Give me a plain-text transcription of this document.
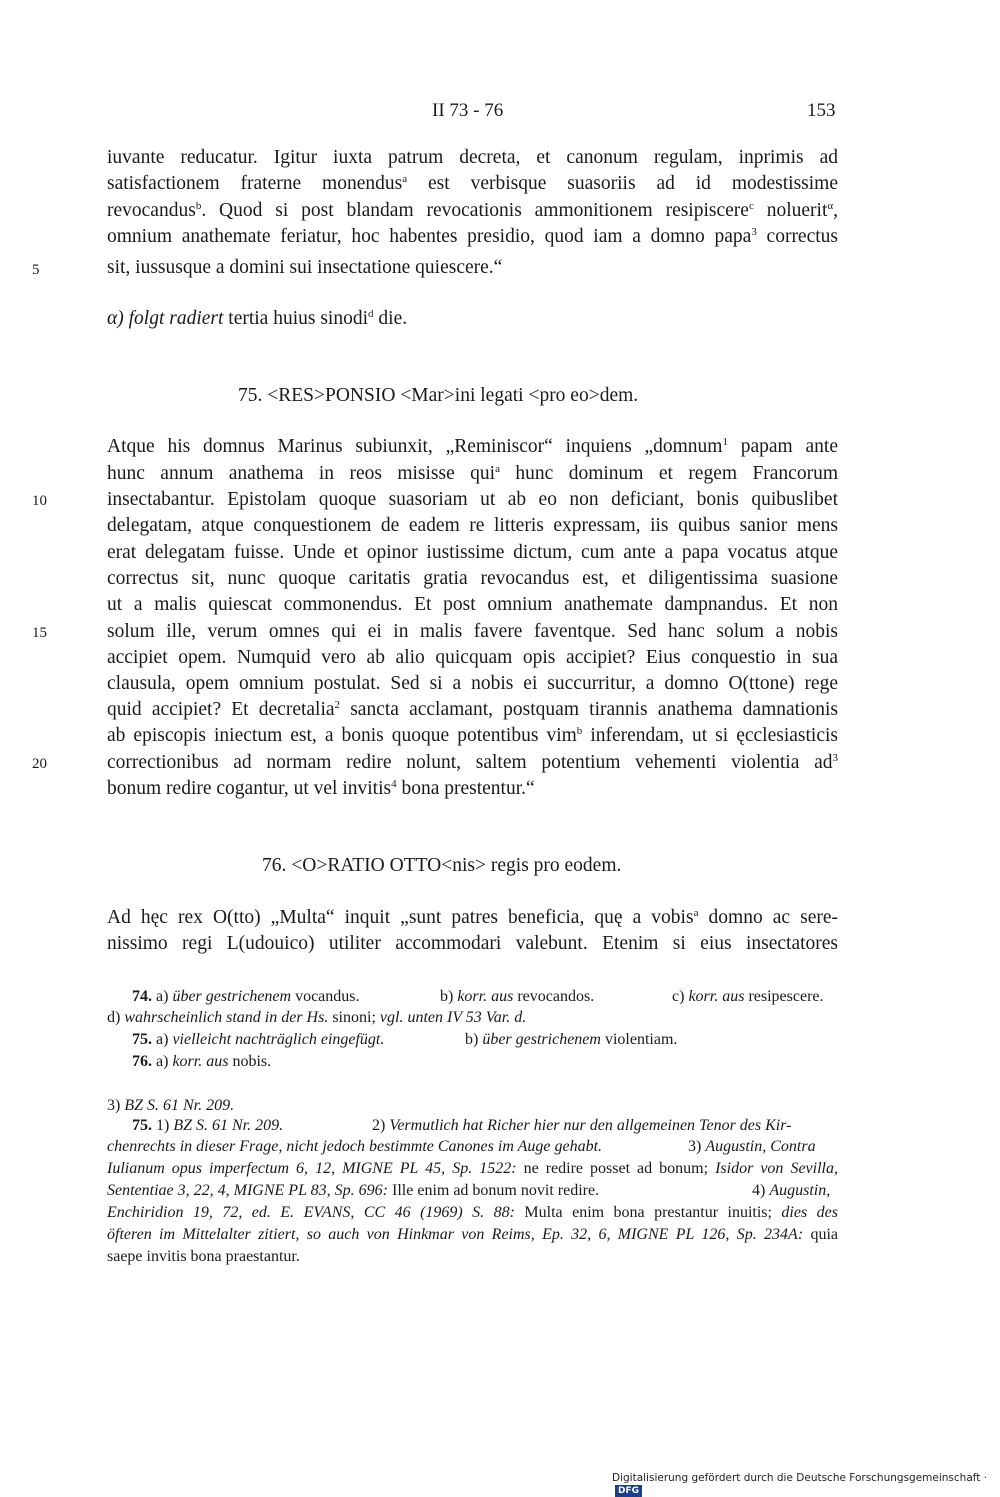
II 73 - 76	153
iuvante reducatur. Igitur iuxta patrum decreta, et canonum regulam, inprimis ad
satisfactionem fraterne monendus$^a$ est verbisque suasoriis ad id modestissime
revocandus$^b$. Quod si post blandam revocationis ammonitionem resipiscere$^c$ noluerit$^\alpha$,
omnium anathemate feriatur, hoc habentes presidio, quod iam a domno papa$^3$ correctus
5	sit, iussusque a domini sui insectatione quiescere.“
α) folgt radiert tertia huius sinodi$^d$ die.
75. <RES>PONSIO <Mar>ini legati <pro eo>dem.
Atque his domnus Marinus subiunxit, „Reminiscor“ inquiens „domnum$^1$ papam ante
hunc annum anathema in reos misisse qui$^a$ hunc dominum et regem Francorum
10	insectabantur. Epistolam quoque suasoriam ut ab eo non deficiant, bonis quibuslibet
delegatam, atque conquestionem de eadem re litteris expressam, iis quibus sanior mens
erat delegatam fuisse. Unde et opinor iustissime dictum, cum ante a papa vocatus atque
correctus sit, nunc quoque caritatis gratia revocandus est, et diligentissima suasione
ut a malis quiescat commonendus. Et post omnium anathemate dampnandus. Et non
15	solum ille, verum omnes qui ei in malis favere faventque. Sed hanc solum a nobis
accipiet opem. Numquid vero ab alio quicquam opis accipiet? Eius conquestio in sua
clausula, opem omnium postulat. Sed si a nobis ei succurritur, a domno O(ttone) rege
quid accipiet? Et decretalia$^2$ sancta acclamant, postquam tirannis anathema damnationis
ab episcopis iniectum est, a bonis quoque potentibus vim$^b$ inferendam, ut si ęcclesiasticis
20	correctionibus ad normam redire nolunt, saltem potentium vehementi violentia $ad^3$
bonum redire cogantur, ut vel invitis$^4$ bona prestentur.“
76. <O>RATIO OTTO<nis> regis pro eodem.
Ad hęc rex O(tto) „Multa“ inquit „sunt patres beneficia, quę a vobis$^a$ domno ac sere-
nissimo regi L(udouico) utiliter accommodari valebunt. Etenim si eius insectatores
74. a) über gestrichenem vocandus.	b) korr. aus revocandos.	c) korr. aus resipescere.
d) wahrscheinlich stand in der Hs. sinoni; vgl. unten IV 53 Var. d.
75. a) vielleicht nachträglich eingefügt.	b) über gestrichenem violentiam.
76. a) korr. aus nobis.
3) BZ S. 61 Nr. 209.
75. 1) BZ S. 61 Nr. 209.	2) Vermutlich hat Richer hier nur den allgemeinen Tenor des Kir-
chenrechts in dieser Frage, nicht jedoch bestimmte Canones im Auge gehabt.	3) Augustin, Contra
Iulianum opus imperfectum 6, 12, MIGNE PL 45, Sp. 1522: ne redire posset ad bonum; Isidor von Sevilla,
Sententiae 3, 22, 4, MIGNE PL 83, Sp. 696: Ille enim ad bonum novit redire.	4) Augustin,
Enchiridion 19, 72, ed. E. EVANS, CC 46 (1969) S. 88: Multa enim bona prestantur inuitis; dies des
öfteren im Mittelalter zitiert, so auch von Hinkmar von Reims, Ep. 32, 6, MIGNE PL 126, Sp. 234A: quia
saepe invitis bona praestantur.
Digitalisierung gefördert durch die Deutsche Forschungsgemeinschaft ·DFG
